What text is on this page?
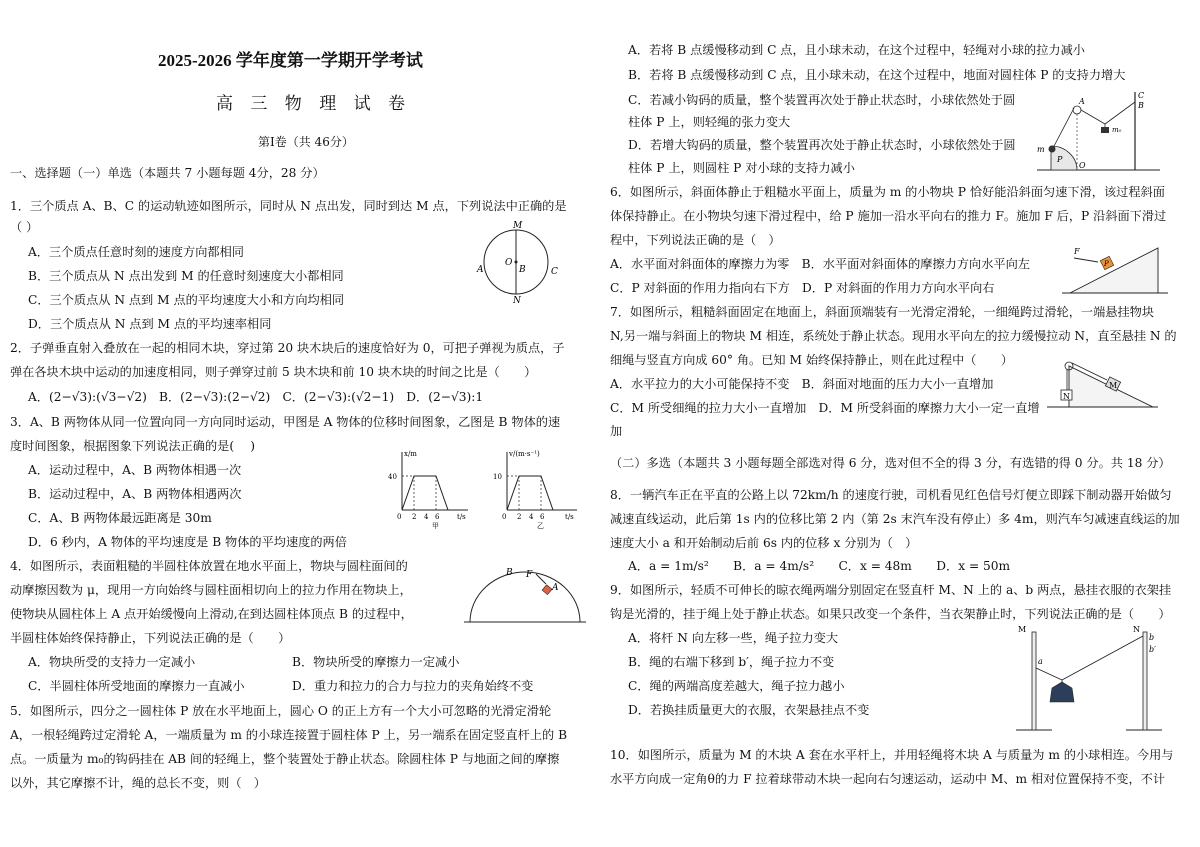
2025-2026 学年度第一学期开学考试
高 三 物 理 试 卷
第Ⅰ卷（共 46分）
一、选择题（一）单选（本题共 7 小题每题 4分，28 分）
1．三个质点 A、B、C 的运动轨迹如图所示，同时从 N 点出发，同时到达 M 点，下列说法中正确的是
（ ）
A．三个质点任意时刻的速度方向都相同
B．三个质点从 N 点出发到 M 的任意时刻速度大小都相同
C．三个质点从 N 点到 M 点的平均速度大小和方向均相同
D．三个质点从 N 点到 M 点的平均速率相同
M
N
O
A	B	C
2．子弹垂直射入叠放在一起的相同木块，穿过第 20 块木块后的速度恰好为 0，可把子弹视为质点，子
弹在各块木块中运动的加速度相同，则子弹穿过前 5 块木块和前 10 块木块的时间之比是（　　）
A．(2−√3):(√3−√2)　B．(2−√3):(2−√2)　C．(2−√3):(√2−1)　D．(2−√3):1
3．A、B 两物体从同一位置向同一方向同时运动，甲图是 A 物体的位移时间图象，乙图是 B 物体的速
度时间图象，根据图象下列说法正确的是(　 )
A．运动过程中，A、B 两物体相遇一次
B．运动过程中，A、B 两物体相遇两次
C．A、B 两物体最远距离是 30m
D．6 秒内，A 物体的平均速度是 B 物体的平均速度的两倍
x/m
40
0 2 4 6	t/s
甲
v/(m·s⁻¹)
10
0 2 4 6	t/s
乙
4．如图所示，表面粗糙的半圆柱体放置在地水平面上，物块与圆柱面间的
动摩擦因数为 μ，现用一方向始终与圆柱面相切向上的拉力作用在物块上，
使物块从圆柱体上 A 点开始缓慢向上滑动,在到达圆柱体顶点 B 的过程中，
半圆柱体始终保持静止，下列说法正确的是（　　）
A．物块所受的支持力一定减小	B．物块所受的摩擦力一定减小
C．半圆柱体所受地面的摩擦力一直减小	D．重力和拉力的合力与拉力的夹角始终不变
B F
A
5．如图所示，四分之一圆柱体 P 放在水平地面上，圆心 O 的正上方有一个大小可忽略的光滑定滑轮
A，一根轻绳跨过定滑轮 A，一端质量为 m 的小球连接置于圆柱体 P 上，另一端系在固定竖直杆上的 B
点。一质量为 m₀的钩码挂在 AB 间的轻绳上，整个装置处于静止状态。除圆柱体 P 与地面之间的摩擦
以外，其它摩擦不计，绳的总长不变，则（　）
A．若将 B 点缓慢移动到 C 点，且小球未动，在这个过程中，轻绳对小球的拉力减小
B．若将 B 点缓慢移动到 C 点，且小球未动，在这个过程中，地面对圆柱体 P 的支持力增大
C．若减小钩码的质量，整个装置再次处于静止状态时，小球依然处于圆
柱体 P 上，则轻绳的张力变大
D．若增大钩码的质量，整个装置再次处于静止状态时，小球依然处于圆
柱体 P 上，则圆柱 P 对小球的支持力减小
A
C
B
m
m₀
P
O
6．如图所示，斜面体静止于粗糙水平面上，质量为 m 的小物块 P 恰好能沿斜面匀速下滑，该过程斜面
体保持静止。在小物块匀速下滑过程中，给 P 施加一沿水平向右的推力 F。施加 F 后，P 沿斜面下滑过
程中，下列说法正确的是（　）
A．水平面对斜面体的摩擦力为零　B．水平面对斜面体的摩擦力方向水平向左
C．P 对斜面的作用力指向右下方　D．P 对斜面的作用力方向水平向右
F
P
7．如图所示，粗糙斜面固定在地面上，斜面顶端装有一光滑定滑轮，一细绳跨过滑轮，一端悬挂物块
N,另一端与斜面上的物块 M 相连，系统处于静止状态。现用水平向左的拉力缓慢拉动 N，直至悬挂 N 的
细绳与竖直方向成 60° 角。已知 M 始终保持静止，则在此过程中（　　）
A．水平拉力的大小可能保持不变　B．斜面对地面的压力大小一直增加
C．M 所受细绳的拉力大小一直增加　D．M 所受斜面的摩擦力大小一定一直增
加
N
M
（二）多选（本题共 3 小题每题全部选对得 6 分，选对但不全的得 3 分，有选错的得 0 分。共 18 分）
8．一辆汽车正在平直的公路上以 72km/h 的速度行驶，司机看见红色信号灯便立即踩下制动器开始做匀
减速直线运动，此后第 1s 内的位移比第 2 内（第 2s 末汽车没有停止）多 4m，则汽车匀减速直线运的加
速度大小 a 和开始制动后前 6s 内的位移 x 分别为（　）
A．a = 1m/s²　　B．a = 4m/s²　　C．x = 48m　　D．x = 50m
9．如图所示，轻质不可伸长的晾衣绳两端分别固定在竖直杆 M、N 上的 a、b 两点，悬挂衣服的衣架挂
钩是光滑的，挂于绳上处于静止状态。如果只改变一个条件，当衣架静止时，下列说法正确的是（　　）
A．将杆 N 向左移一些，绳子拉力变大
B．绳的右端下移到 b′，绳子拉力不变
C．绳的两端高度差越大，绳子拉力越小
D．若换挂质量更大的衣服，衣架悬挂点不变
M	N
a
b
b′
10．如图所示，质量为 M 的木块 A 套在水平杆上，并用轻绳将木块 A 与质量为 m 的小球相连。今用与
水平方向成一定角θ的力 F 拉着球带动木块一起向右匀速运动，运动中 M、m 相对位置保持不变，不计
